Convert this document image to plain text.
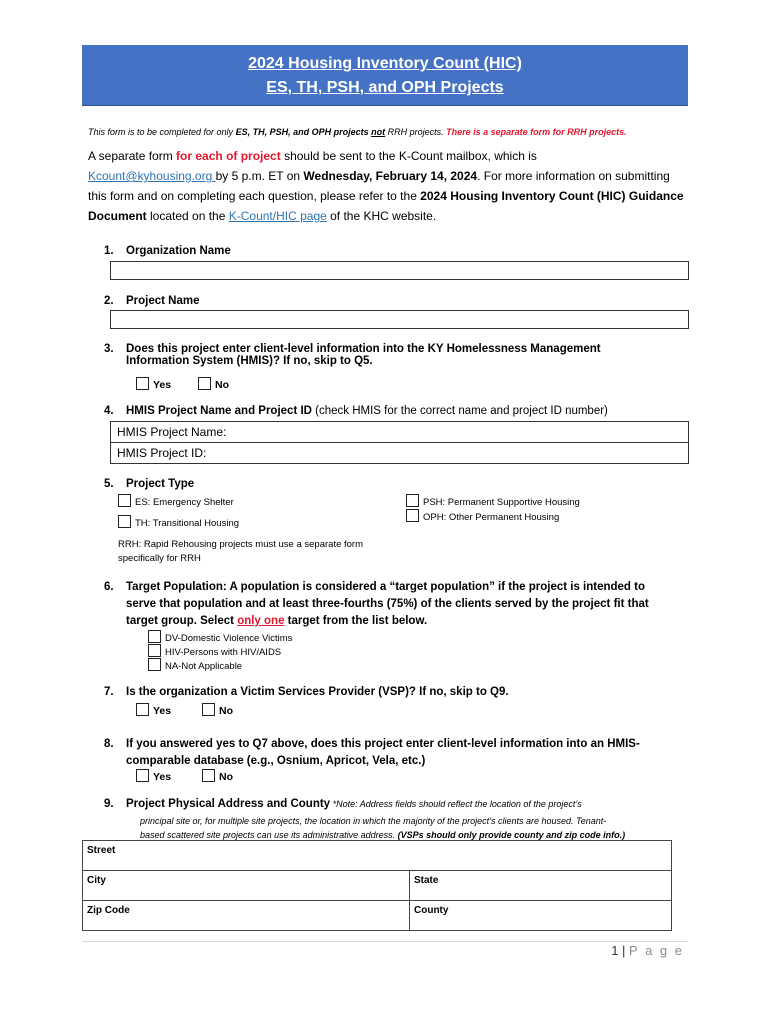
2024 Housing Inventory Count (HIC)
ES, TH, PSH, and OPH Projects
This form is to be completed for only ES, TH, PSH, and OPH projects not RRH projects. There is a separate form for RRH projects.
A separate form for each of project should be sent to the K-Count mailbox, which is
Kcount@kyhousing.org by 5 p.m. ET on Wednesday, February 14, 2024. For more information on submitting this form and on completing each question, please refer to the 2024 Housing Inventory Count (HIC) Guidance Document located on the K-Count/HIC page of the KHC website.
1. Organization Name
2. Project Name
3. Does this project enter client-level information into the KY Homelessness Management
Information System (HMIS)? If no, skip to Q5.
Yes	No
4. HMIS Project Name and Project ID (check HMIS for the correct name and project ID number)
HMIS Project Name:
HMIS Project ID:
5. Project Type
ES: Emergency Shelter
TH: Transitional Housing
PSH: Permanent Supportive Housing
OPH: Other Permanent Housing
RRH: Rapid Rehousing projects must use a separate form
specifically for RRH
6. Target Population: A population is considered a “target population” if the project is intended to
serve that population and at least three-fourths (75%) of the clients served by the project fit that
target group. Select only one target from the list below.
DV-Domestic Violence Victims
HIV-Persons with HIV/AIDS
NA-Not Applicable
7. Is the organization a Victim Services Provider (VSP)? If no, skip to Q9.
Yes	No
8. If you answered yes to Q7 above, does this project enter client-level information into an HMIS-
comparable database (e.g., Osnium, Apricot, Vela, etc.)
Yes	No
9. Project Physical Address and County *Note: Address fields should reflect the location of the project’s
principal site or, for multiple site projects, the location in which the majority of the project’s clients are housed. Tenant-
based scattered site projects can use its administrative address. (VSPs should only provide county and zip code info.)
Street	
City	State
Zip Code	County
1 | P a g e
